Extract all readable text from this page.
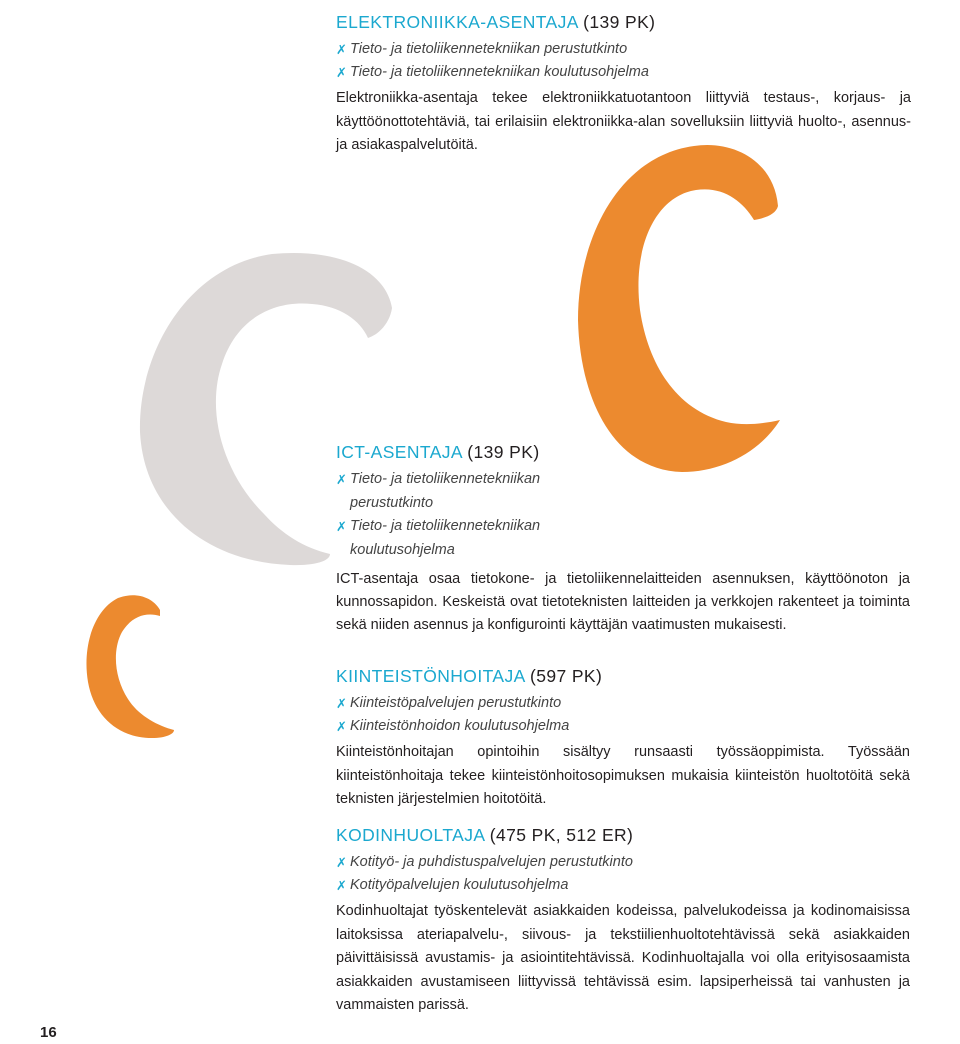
ELEKTRONIIKKA-ASENTAJA (139 PK)
✗ Tieto- ja tietoliikennetekniikan perustutkinto
✗ Tieto- ja tietoliikennetekniikan koulutusohjelma

Elektroniikka-asentaja tekee elektroniikkatuotantoon liittyviä testaus-, korjaus- ja käyttöönottotehtäviä, tai erilaisiin elektroniikka-alan sovelluksiin liittyviä huolto-, asennus- ja asiakaspalvelutöitä.

ICT-ASENTAJA (139 PK)
✗ Tieto- ja tietoliikennetekniikan perustutkinto
✗ Tieto- ja tietoliikennetekniikan koulutusohjelma

ICT-asentaja osaa tietokone- ja tietoliikennelaitteiden asennuksen, käyttöönoton ja kunnossapidon. Keskeistä ovat tietoteknisten laitteiden ja verkkojen rakenteet ja toiminta sekä niiden asennus ja konfigurointi käyttäjän vaatimusten mukaisesti.

KIINTEISTÖNHOITAJA (597 PK)
✗ Kiinteistöpalvelujen perustutkinto
✗ Kiinteistönhoidon koulutusohjelma

Kiinteistönhoitajan opintoihin sisältyy runsaasti työssäoppimista. Työssään kiinteistönhoitaja tekee kiinteistönhoitosopimuksen mukaisia kiinteistön huoltotöitä sekä teknisten järjestelmien hoitotöitä.

KODINHUOLTAJA (475 PK, 512 ER)
✗ Kotityö- ja puhdistuspalvelujen perustutkinto
✗ Kotityöpalvelujen koulutusohjelma

Kodinhuoltajat työskentelevät asiakkaiden kodeissa, palvelukodeissa ja kodinomaisissa laitoksissa ateriapalvelu-, siivous- ja tekstiilienhuoltotehtävissä sekä asiakkaiden päivittäisissä avustamis- ja asiointitehtävissä. Kodinhuoltajalla voi olla erityisosaamista asiakkaiden avustamiseen liittyvissä tehtävissä esim. lapsiperheissä tai vanhusten ja vammaisten parissä.

16
